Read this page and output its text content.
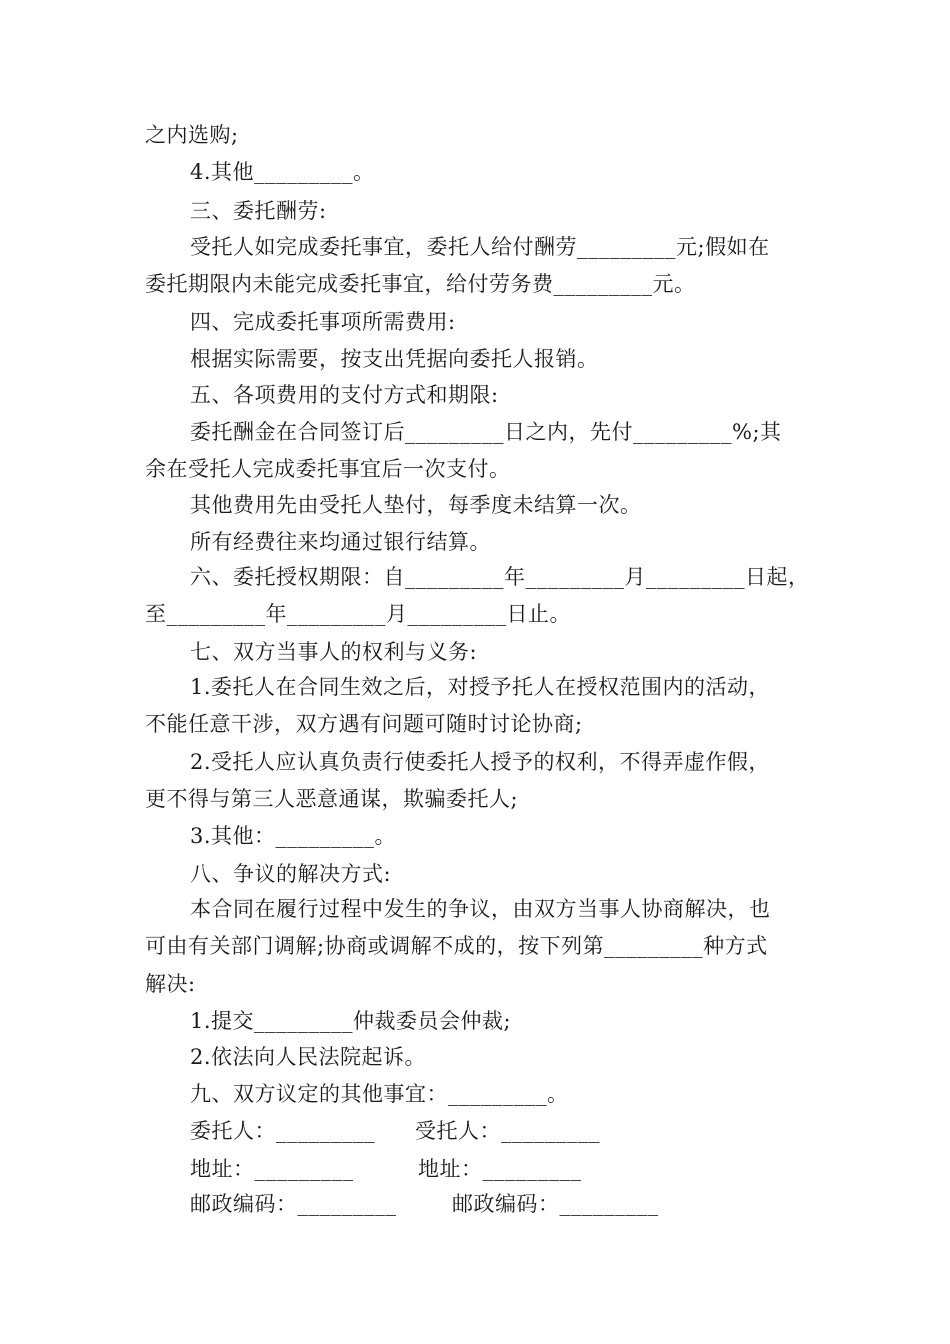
之内选购;
4.其他_________。
三、委托酬劳:
受托人如完成委托事宜，委托人给付酬劳_________元;假如在
委托期限内未能完成委托事宜，给付劳务费_________元。
四、完成委托事项所需费用:
根据实际需要，按支出凭据向委托人报销。
五、各项费用的支付方式和期限:
委托酬金在合同签订后_________日之内，先付_________%;其
余在受托人完成委托事宜后一次支付。
其他费用先由受托人垫付，每季度未结算一次。
所有经费往来均通过银行结算。
六、委托授权期限：自_________年_________月_________日起，
至_________年_________月_________日止。
七、双方当事人的权利与义务:
1.委托人在合同生效之后，对授予托人在授权范围内的活动，
不能任意干涉，双方遇有问题可随时讨论协商;
2.受托人应认真负责行使委托人授予的权利，不得弄虚作假，
更不得与第三人恶意通谋，欺骗委托人;
3.其他：_________。
八、争议的解决方式:
本合同在履行过程中发生的争议，由双方当事人协商解决，也
可由有关部门调解;协商或调解不成的，按下列第_________种方式
解决:
1.提交_________仲裁委员会仲裁;
2.依法向人民法院起诉。
九、双方议定的其他事宜：_________。
委托人：_________ 受托人：_________
地址：_________	地址：_________
邮政编码：_________	邮政编码：_________
